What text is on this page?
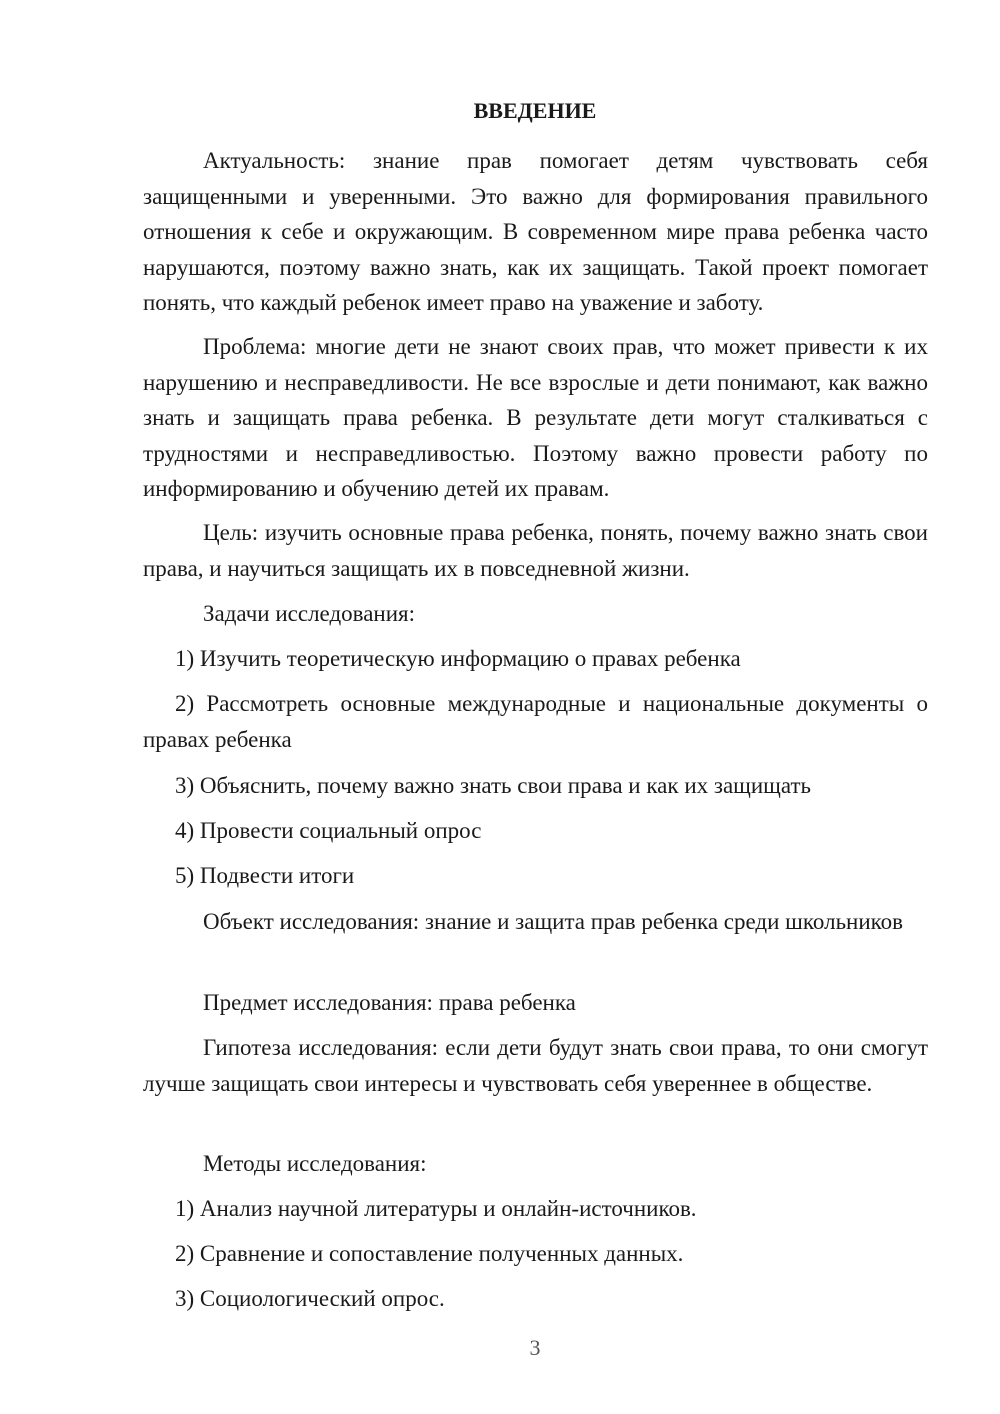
ВВЕДЕНИЕ

Актуальность: знание прав помогает детям чувствовать себя защищенными и уверенными. Это важно для формирования правильного отношения к себе и окружающим. В современном мире права ребенка часто нарушаются, поэтому важно знать, как их защищать. Такой проект помогает понять, что каждый ребенок имеет право на уважение и заботу.

Проблема: многие дети не знают своих прав, что может привести к их нарушению и несправедливости. Не все взрослые и дети понимают, как важно знать и защищать права ребенка. В результате дети могут сталкиваться с трудностями и несправедливостью. Поэтому важно провести работу по информированию и обучению детей их правам.

Цель: изучить основные права ребенка, понять, почему важно знать свои права, и научиться защищать их в повседневной жизни.

Задачи исследования:

1) Изучить теоретическую информацию о правах ребенка

2) Рассмотреть основные международные и национальные документы о правах ребенка

3) Объяснить, почему важно знать свои права и как их защищать

4) Провести социальный опрос

5) Подвести итоги

Объект исследования: знание и защита прав ребенка среди школьников

Предмет исследования: права ребенка

Гипотеза исследования: если дети будут знать свои права, то они смогут лучше защищать свои интересы и чувствовать себя увереннее в обществе.

Методы исследования:

1) Анализ научной литературы и онлайн-источников.

2) Сравнение и сопоставление полученных данных.

3) Социологический опрос.

3
